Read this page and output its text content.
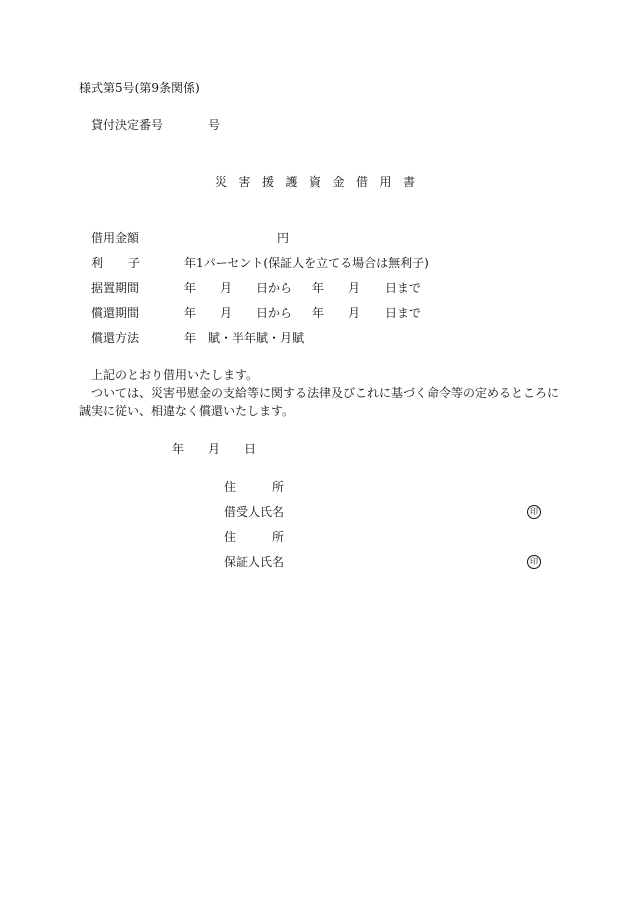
様式第5号(第9条関係)
貸付決定番号	号
災 害 援 護 資 金 借 用 書
借用金額	円
利 子	年1パーセント(保証人を立てる場合は無利子)
据置期間	年 月 日から 年 月 日まで
償還期間	年 月 日から 年 月 日まで
償還方法	年　賦・半年賦・月賦
上記のとおり借用いたします。
ついては、災害弔慰金の支給等に関する法律及びこれに基づく命令等の定めるところに
誠実に従い、相違なく償還いたします。
年 月 日
住	所
借受人氏名	印
住	所
保証人氏名	印
